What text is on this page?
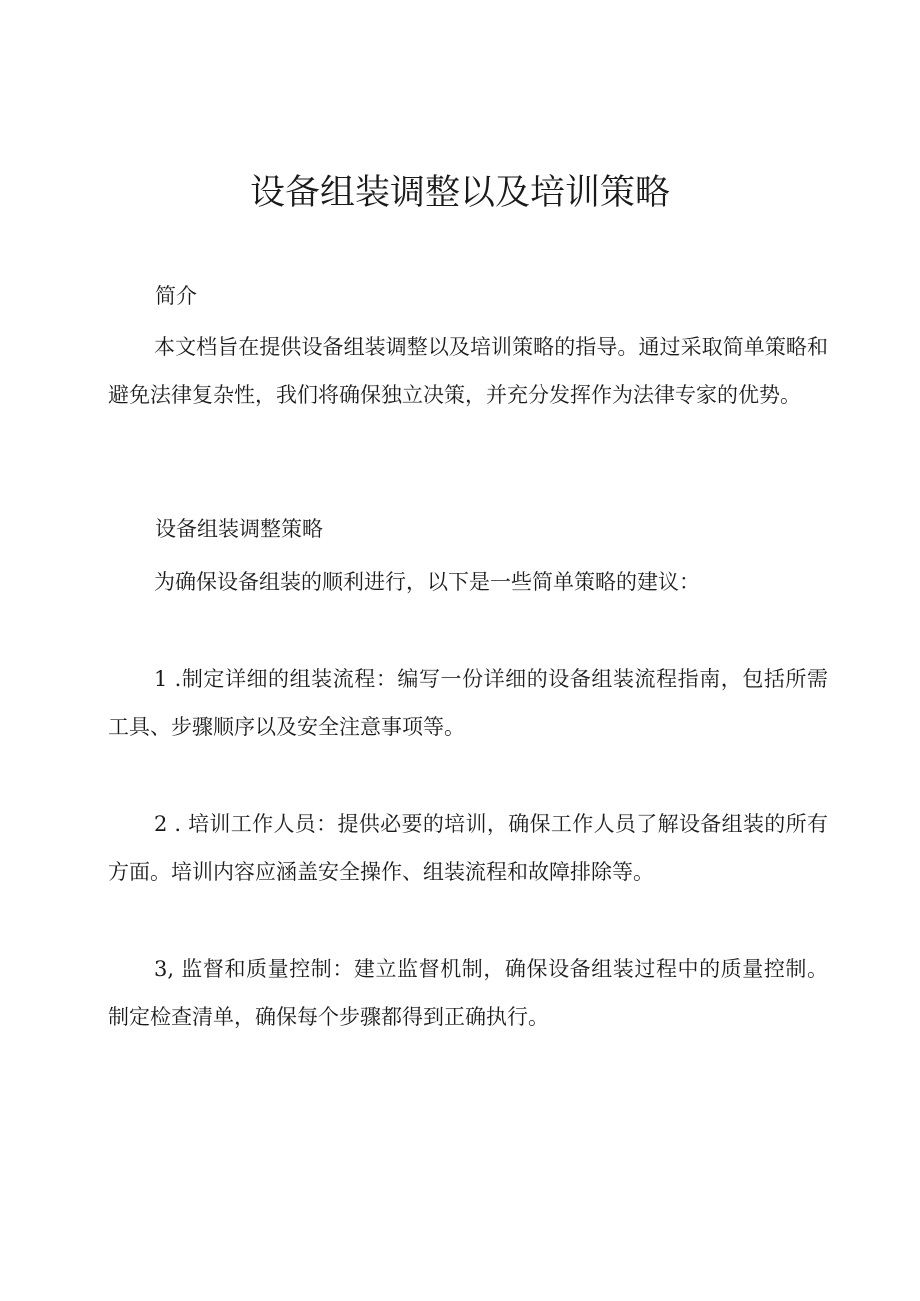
设备组装调整以及培训策略

简介

本文档旨在提供设备组装调整以及培训策略的指导。通过采取简单策略和避免法律复杂性，我们将确保独立决策，并充分发挥作为法律专家的优势。

设备组装调整策略

为确保设备组装的顺利进行，以下是一些简单策略的建议：

1 .制定详细的组装流程：编写一份详细的设备组装流程指南，包括所需工具、步骤顺序以及安全注意事项等。

2 . 培训工作人员：提供必要的培训，确保工作人员了解设备组装的所有方面。培训内容应涵盖安全操作、组装流程和故障排除等。

3, 监督和质量控制：建立监督机制，确保设备组装过程中的质量控制。制定检查清单，确保每个步骤都得到正确执行。
